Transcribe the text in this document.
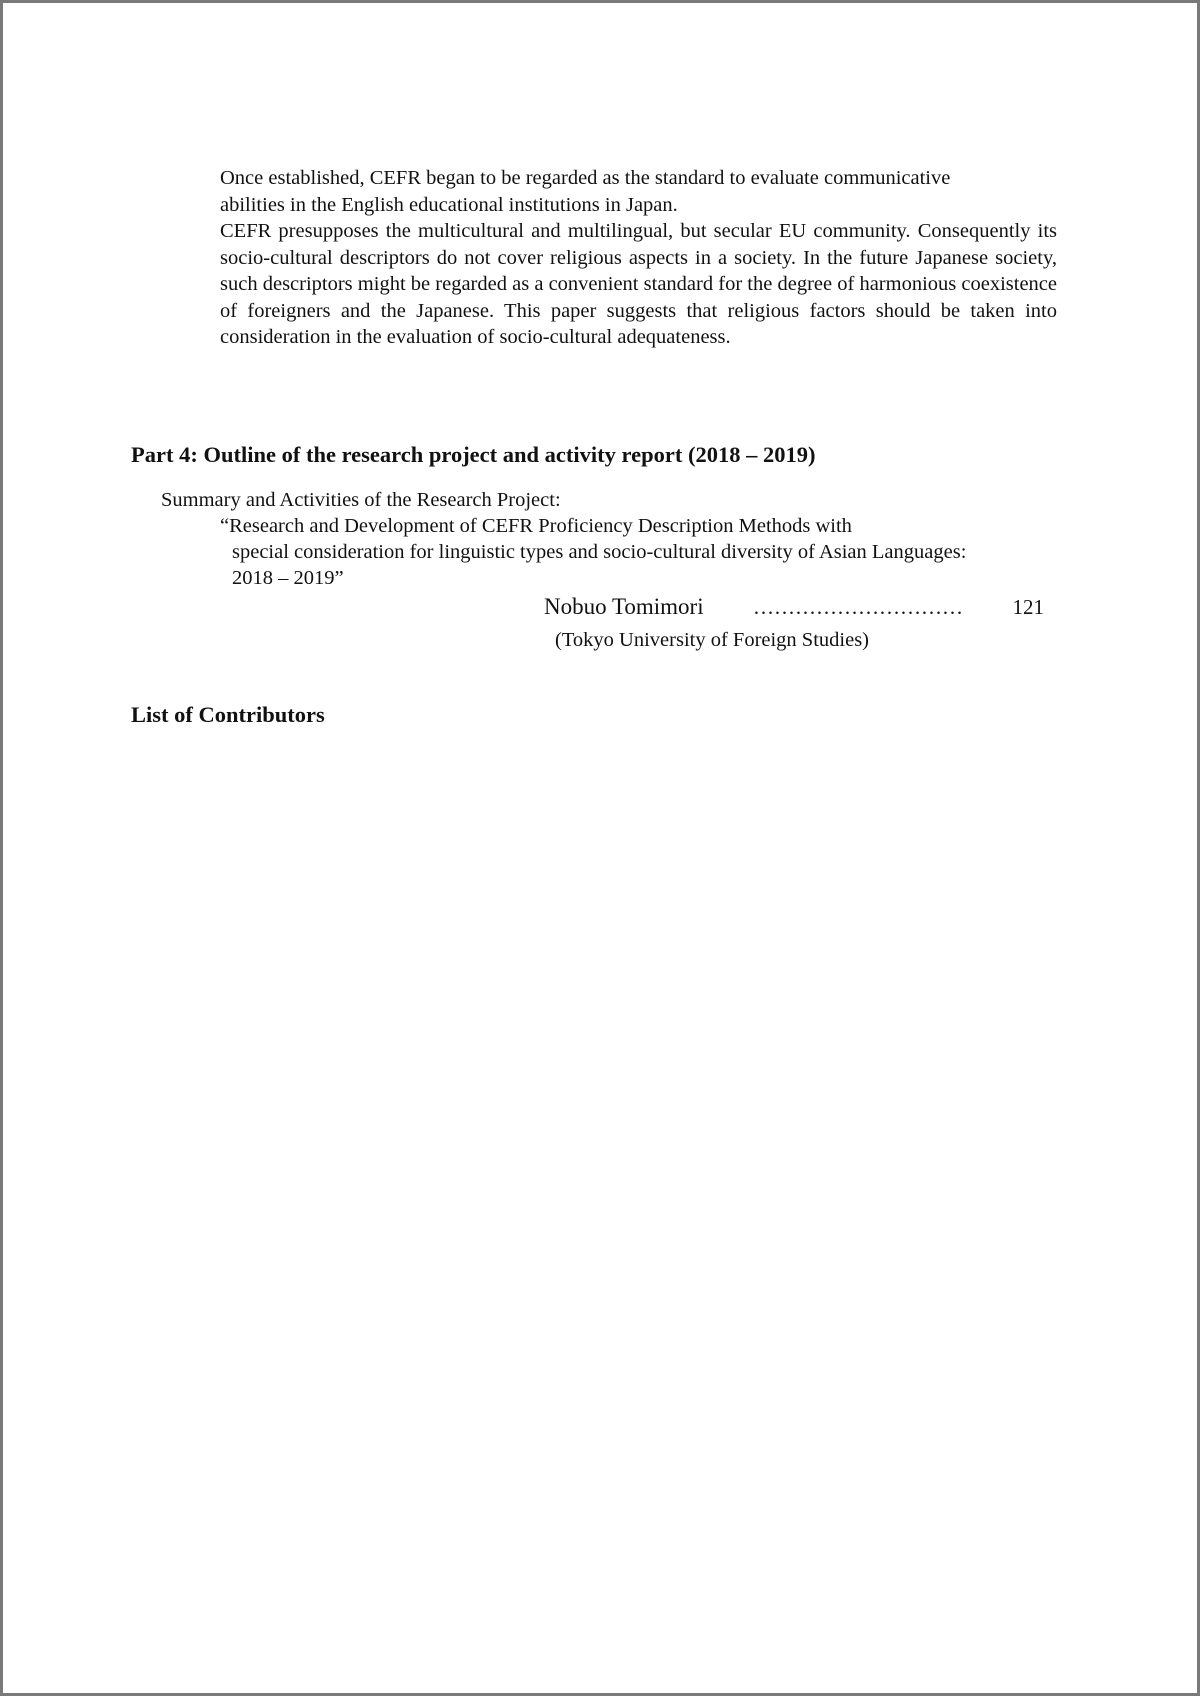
Once established, CEFR began to be regarded as the standard to evaluate communicative
abilities in the English educational institutions in Japan.

CEFR presupposes the multicultural and multilingual, but secular EU community. Consequently its socio-cultural descriptors do not cover religious aspects in a society. In the future Japanese society, such descriptors might be regarded as a convenient standard for the degree of harmonious coexistence of foreigners and the Japanese. This paper suggests that religious factors should be taken into consideration in the evaluation of socio-cultural adequateness.

Part 4: Outline of the research project and activity report (2018 – 2019)
Summary and Activities of the Research Project:
“Research and Development of CEFR Proficiency Description Methods with
special consideration for linguistic types and socio-cultural diversity of Asian Languages:
2018 – 2019”
Nobuo Tomimori ………………………… 121
(Tokyo University of Foreign Studies)
List of Contributors
